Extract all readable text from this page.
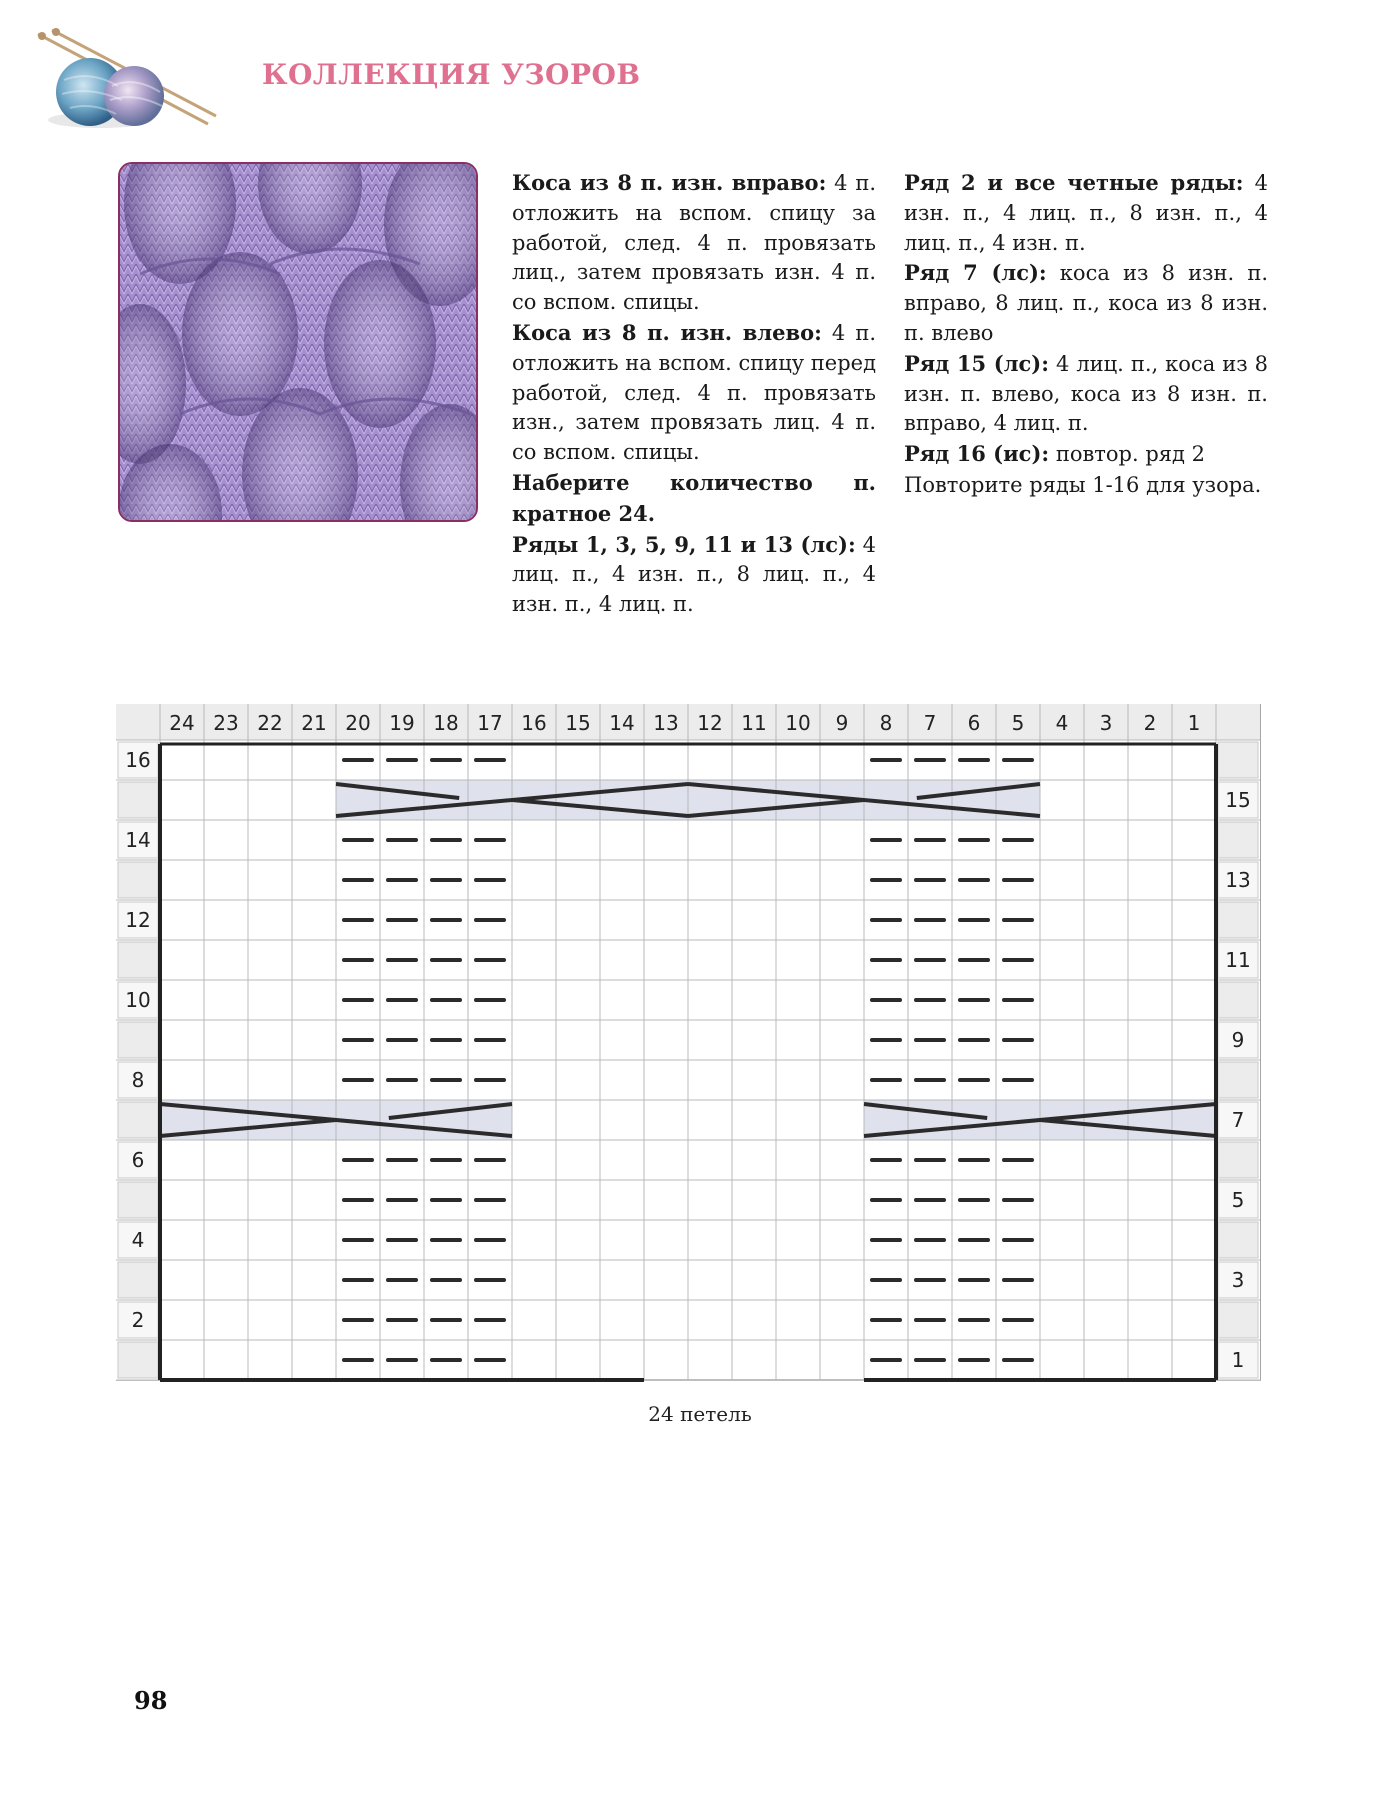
КОЛЛЕКЦИЯ УЗОРОВ

Коса из 8 п. изн. вправо: 4 п. отложить на вспом. спицу за работой, след. 4 п. провязать лиц., затем провязать изн. 4 п. со вспом. спицы.

Коса из 8 п. изн. влево: 4 п. отложить на вспом. спицу перед работой, след. 4 п. провязать изн., затем провязать лиц. 4 п. со вспом. спицы.

Наберите количество п. кратное 24.

Ряды 1, 3, 5, 9, 11 и 13 (лс): 4 лиц. п., 4 изн. п., 8 лиц. п., 4 изн. п., 4 лиц. п.

Ряд 2 и все четные ряды: 4 изн. п., 4 лиц. п., 8 изн. п., 4 лиц. п., 4 изн. п.

Ряд 7 (лс): коса из 8 изн. п. вправо, 8 лиц. п., коса из 8 изн. п. влево

Ряд 15 (лс): 4 лиц. п., коса из 8 изн. п. влево, коса из 8 изн. п. вправо, 4 лиц. п.

Ряд 16 (ис): повтор. ряд 2

Повторите ряды 1-16 для узора.

24 23 22 21 20 19 18 17 16 15 14 13 12 11 10 9 8 7 6 5 4 3 2 1
16
14
12
10
8
6
4
2
15
13
11
9
7
5
3
1
24 петель
98
